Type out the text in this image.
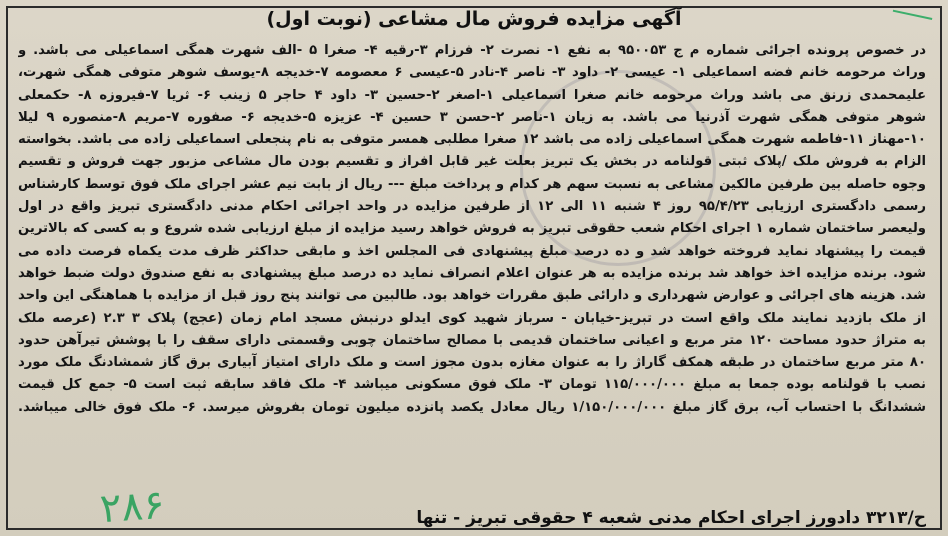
آگهی مزایده فروش مال مشاعی (نوبت اول)
در خصوص پرونده اجرائی شماره م ج ۹۵۰۰۵۳ به نفع ۱- نصرت ۲- فرزام ۳-رقیه ۴- صغرا ۵ -الف شهرت همگی اسماعیلی می باشد. و
وراث مرحومه خانم فضه اسماعیلی ۱- عیسی ۲- داود ۳- ناصر ۴-نادر ۵-عیسی ۶ معصومه ۷-خدیجه ۸-یوسف شوهر متوفی همگی شهرت،
علیمحمدی زرنق می باشد وراث مرحومه خانم صغرا اسماعیلی ۱-اصغر ۲-حسین ۳- داود ۴ حاجر ۵ زینب ۶- ثریا ۷-فیروزه ۸- حکمعلی
شوهر متوفی همگی شهرت آذرنیا می باشد. به زیان ۱-ناصر ۲-حسن ۳ حسین ۴- عزیزه ۵-خدیجه ۶- صفوره ۷-مریم ۸-منصوره ۹ لیلا
۱۰-مهناز ۱۱-فاطمه شهرت همگی اسماعیلی زاده می باشد ۱۲ صغرا مطلبی همسر متوفی به نام پنجعلی اسماعیلی زاده می باشد. بخواسته
الزام به فروش ملک /پلاک ثبتی قولنامه در بخش یک تبریز بعلت غیر قابل افراز و تقسیم بودن مال مشاعی مزبور جهت فروش و تقسیم
وجوه حاصله بین طرفین مالکین مشاعی به نسبت سهم هر کدام و پرداخت مبلغ --- ریال از بابت نیم عشر اجرای ملک فوق توسط کارشناس
رسمی دادگستری ارزیابی ۹۵/۴/۲۳ روز ۴ شنبه ۱۱ الی ۱۲ از طرفین مزایده در واحد اجرائی احکام مدنی دادگستری تبریز واقع در اول
ولیعصر ساختمان شماره ۱ اجرای احکام شعب حقوقی تبریز به فروش خواهد رسید مزایده از مبلغ ارزیابی شده شروع و به کسی که بالاترین
قیمت را پیشنهاد نماید فروخته خواهد شد و ده درصد مبلغ پیشنهادی فی المجلس اخذ و مابقی حداکثر ظرف مدت یکماه فرصت داده می
شود. برنده مزایده اخذ خواهد شد برنده مزایده به هر عنوان اعلام انصراف نماید ده درصد مبلغ پیشنهادی به نفع صندوق دولت ضبط خواهد
شد. هزینه های اجرائی و عوارض شهرداری و دارائی طبق مقررات خواهد بود. طالبین می توانند پنج روز قبل از مزایده با هماهنگی این واحد
از ملک بازدید نمایند ملک واقع است در تبریز-خیابان - سرباز شهید کوی ایدلو درنبش مسجد امام زمان (عجج) پلاک ۳ ۲.۳ (عرصه ملک
به متراژ حدود مساحت ۱۲۰ متر مربع و اعیانی ساختمان قدیمی با مصالح ساختمان چوبی وقسمتی دارای سقف را با پوشش تیرآهن حدود
۸۰ متر مربع ساختمان در طبقه همکف گاراژ را به عنوان مغازه بدون مجوز است و ملک دارای امتیاز آبیاری برق گاز شمشادنگ ملک مورد
نصب با قولنامه بوده جمعا به مبلغ ۱۱۵/۰۰۰/۰۰۰ تومان ۳- ملک فوق مسکونی میباشد ۴- ملک فاقد سابقه ثبت است ۵- جمع کل قیمت
ششدانگ با احتساب آب، برق گاز مبلغ ۱/۱۵۰/۰۰۰/۰۰۰ ریال معادل یکصد پانزده میلیون تومان بفروش میرسد. ۶- ملک فوق خالی میباشد.
ح/۳۲۱۳ دادورز اجرای احکام مدنی شعبه ۴ حقوقی تبریز - تنها
۲۸۶
